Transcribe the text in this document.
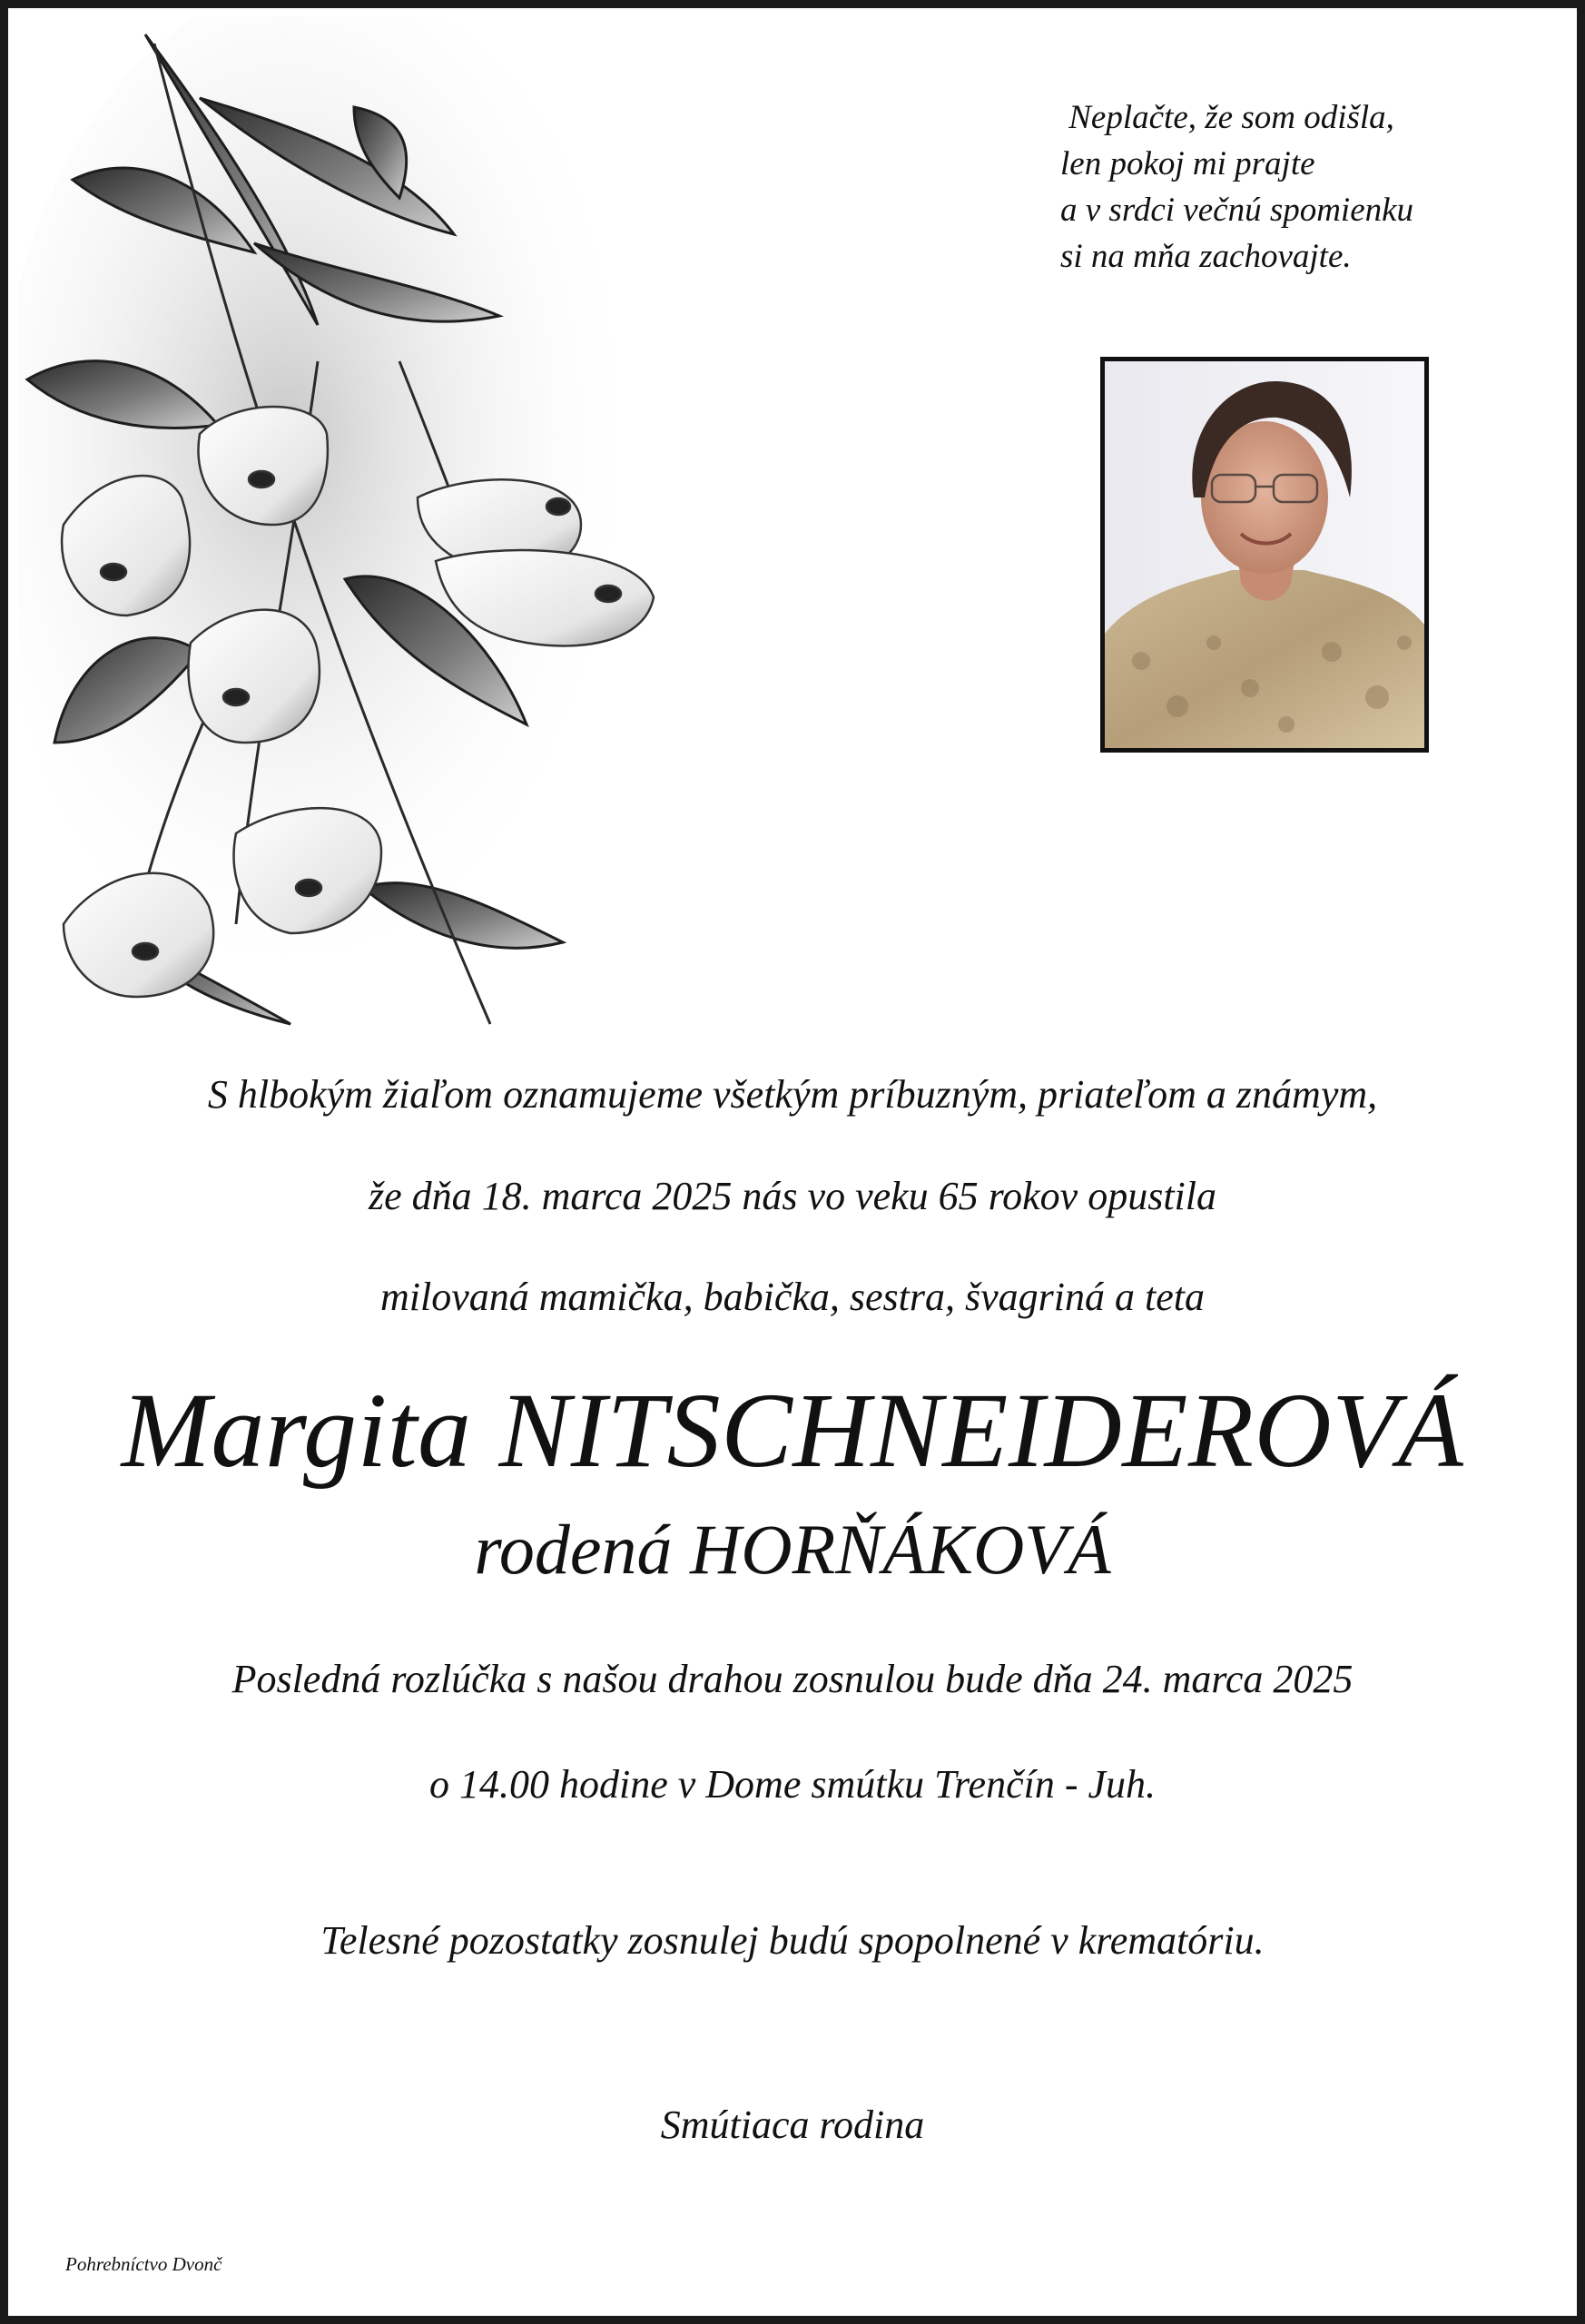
Neplačte, že som odišla,
len pokoj mi prajte
a v srdci večnú spomienku
si na mňa zachovajte.
S hlbokým žiaľom oznamujeme všetkým príbuzným, priateľom a známym,
že dňa 18. marca 2025 nás vo veku 65 rokov opustila
milovaná mamička, babička, sestra, švagriná a teta
Margita NITSCHNEIDEROVÁ
rodená HORŇÁKOVÁ
Posledná rozlúčka s našou drahou zosnulou bude dňa 24. marca 2025
o 14.00 hodine v Dome smútku Trenčín - Juh.
Telesné pozostatky zosnulej budú spopolnené v krematóriu.
Smútiaca rodina
Pohrebníctvo Dvonč
